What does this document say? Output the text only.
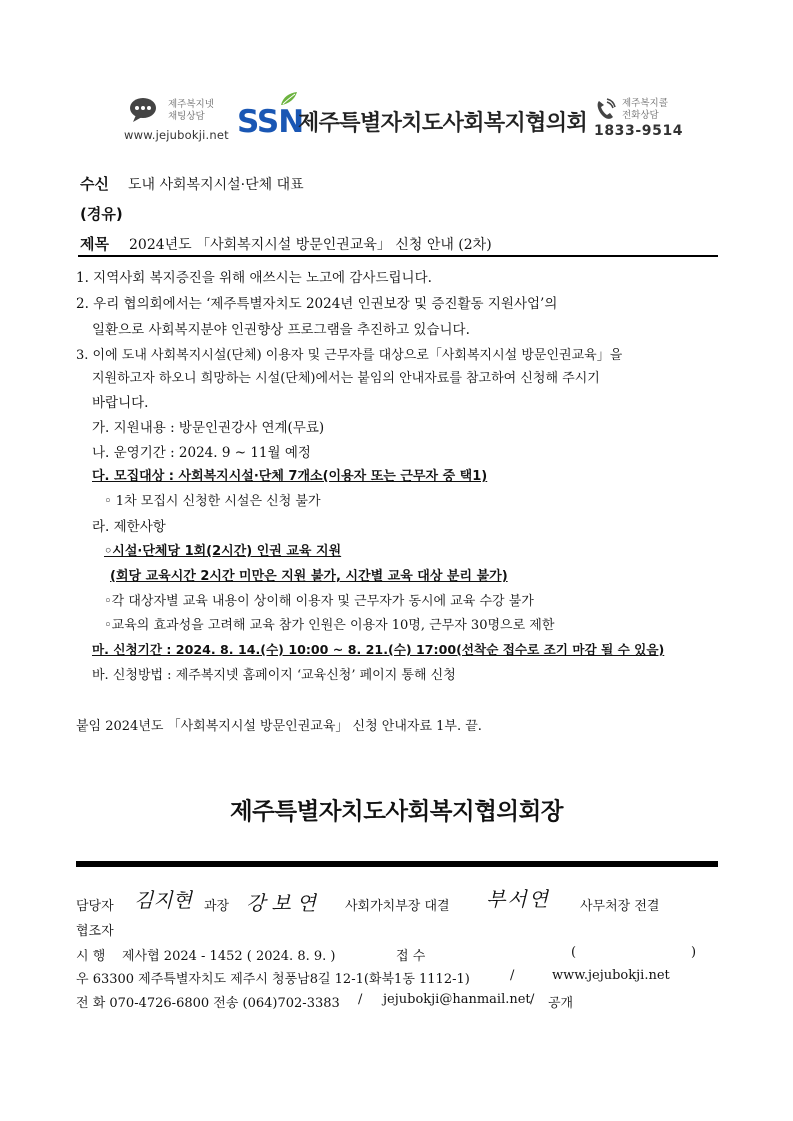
제주복지넷
채팅상담
www.jejubokji.net SSN
제주특별자치도사회복지협의회
제주복지콜
전화상담
1833-9514
수신 도내 사회복지시설·단체 대표
(경유)
제목 2024년도 「사회복지시설 방문인권교육」 신청 안내 (2차)
1. 지역사회 복지증진을 위해 애쓰시는 노고에 감사드립니다.
2. 우리 협의회에서는 ‘제주특별자치도 2024년 인권보장 및 증진활동 지원사업’의
일환으로 사회복지분야 인권향상 프로그램을 추진하고 있습니다.
3. 이에 도내 사회복지시설(단체) 이용자 및 근무자를 대상으로「사회복지시설 방문인권교육」을
지원하고자 하오니 희망하는 시설(단체)에서는 붙임의 안내자료를 참고하여 신청해 주시기
바랍니다.
가. 지원내용 : 방문인권강사 연계(무료)
나. 운영기간 : 2024. 9 ~ 11월 예정
다. 모집대상 : 사회복지시설·단체 7개소(이용자 또는 근무자 중 택1)
◦ 1차 모집시 신청한 시설은 신청 불가
라. 제한사항
◦시설·단체당 1회(2시간) 인권 교육 지원
(회당 교육시간 2시간 미만은 지원 불가, 시간별 교육 대상 분리 불가)
◦각 대상자별 교육 내용이 상이해 이용자 및 근무자가 동시에 교육 수강 불가
◦교육의 효과성을 고려해 교육 참가 인원은 이용자 10명, 근무자 30명으로 제한
마. 신청기간 : 2024. 8. 14.(수) 10:00 ~ 8. 21.(수) 17:00(선착순 접수로 조기 마감 될 수 있음)
바. 신청방법 : 제주복지넷 홈페이지 ‘교육신청’ 페이지 통해 신청
붙임 2024년도 「사회복지시설 방문인권교육」 신청 안내자료 1부. 끝.
제주특별자치도사회복지협의회장
담당자 김지현 과장 강보연 사회가치부장 대결 부서연 사무처장 전결
협조자
시 행 제사협 2024 - 1452 ( 2024. 8. 9. )	접 수	(	)
우 63300 제주특별자치도 제주시 청풍남8길 12-1(화북1동 1112-1)	/	www.jejubokji.net
전 화 070-4726-6800 전송 (064)702-3383 / jejubokji@hanmail.net / 공개
